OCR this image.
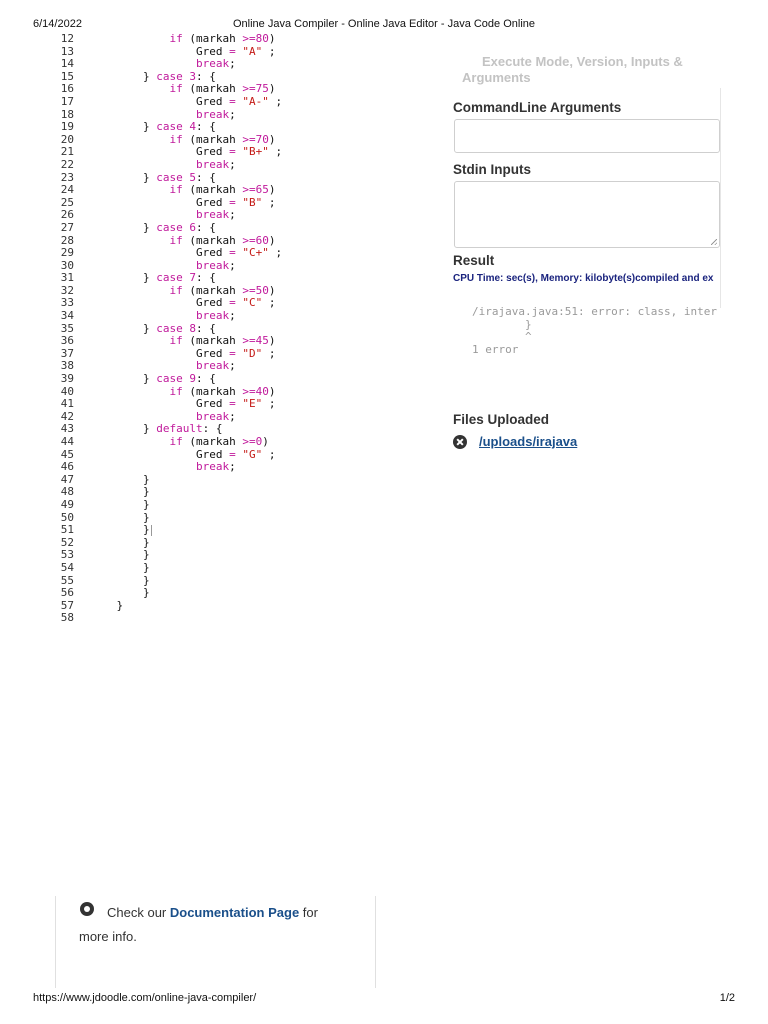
6/14/2022	Online Java Compiler - Online Java Editor - Java Code Online
12	if (markah >=80)
13 Gred = "A" ;
14	break;
15 } case 3: {
16	if (markah >=75)
17 Gred = "A-" ;
18	break;
19 } case 4: {
20	if (markah >=70)
21 Gred = "B+" ;
22	break;
23 } case 5: {
24	if (markah >=65)
25 Gred = "B" ;
26	break;
27 } case 6: {
28	if (markah >=60)
29 Gred = "C+" ;
30	break;
31 } case 7: {
32	if (markah >=50)
33 Gred = "C" ;
34	break;
35 } case 8: {
36	if (markah >=45)
37 Gred = "D" ;
38	break;
39 } case 9: {
40	if (markah >=40)
41 Gred = "E" ;
42	break;
43 } default: {
44	if (markah >=0)
45 Gred = "G" ;
46	break;
47 }
48 }
49 }
50 }
51 }
52 }
53 }
54 }
55 }
56 }
57 }
58
Execute Mode, Version, Inputs &
Arguments
CommandLine Arguments
Stdin Inputs
Result
CPU Time: sec(s), Memory: kilobyte(s)compiled and ex
/irajava.java:51: error: class, inter
}
^
1 error
Files Uploaded
/uploads/irajava
Check our Documentation Page for more info.
https://www.jdoodle.com/online-java-compiler/	1/2
